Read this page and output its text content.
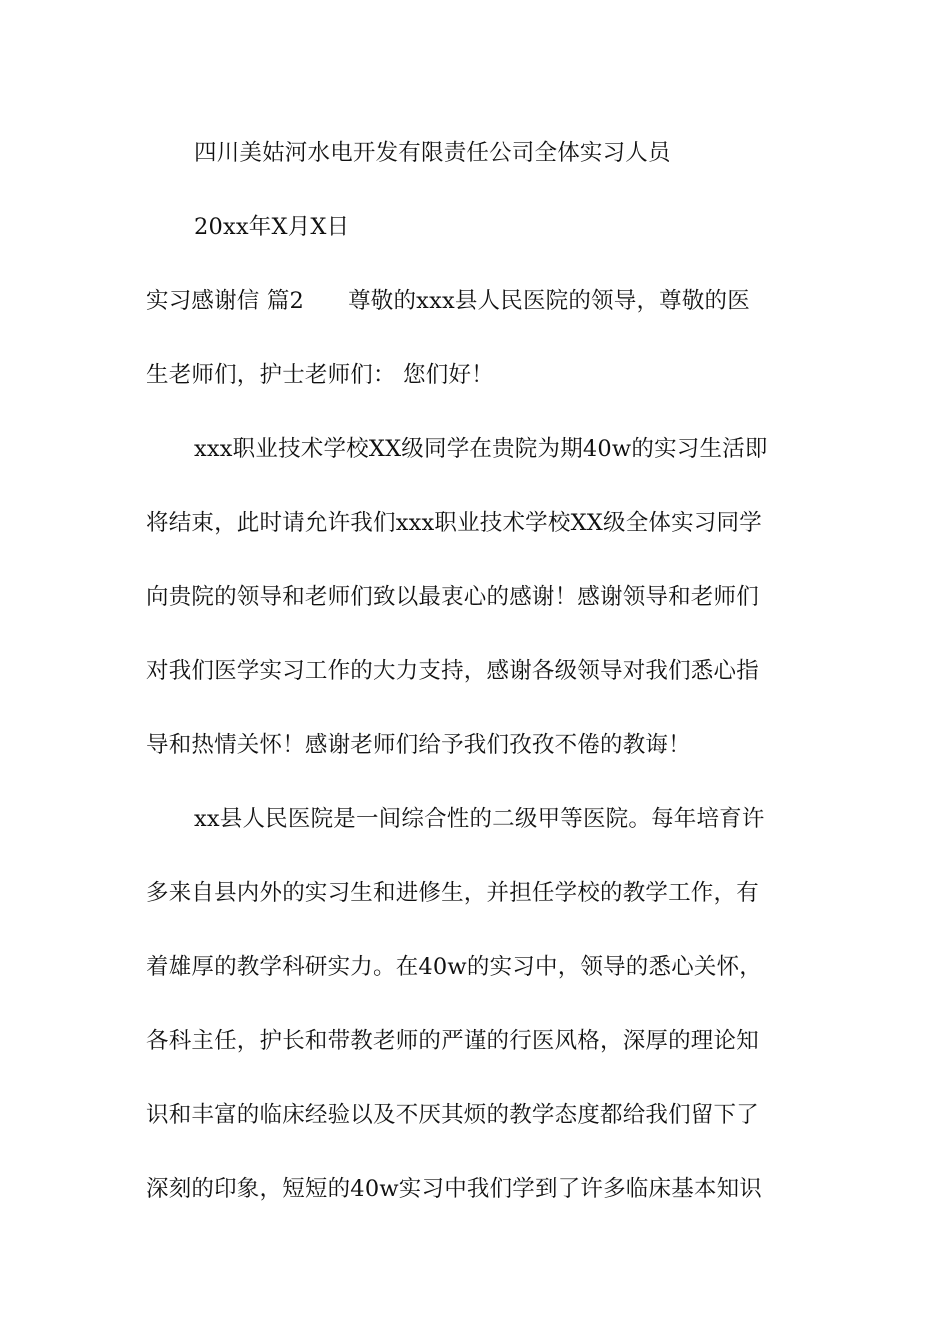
四川美姑河水电开发有限责任公司全体实习人员
20xx年X月X日
实习感谢信 篇2 尊敬的xxx县人民医院的领导，尊敬的医
生老师们，护士老师们： 您们好！
xxx职业技术学校XX级同学在贵院为期40w的实习生活即
将结束，此时请允许我们xxx职业技术学校XX级全体实习同学
向贵院的领导和老师们致以最衷心的感谢！感谢领导和老师们
对我们医学实习工作的大力支持，感谢各级领导对我们悉心指
导和热情关怀！感谢老师们给予我们孜孜不倦的教诲！
xx县人民医院是一间综合性的二级甲等医院。每年培育许
多来自县内外的实习生和进修生，并担任学校的教学工作，有
着雄厚的教学科研实力。在40w的实习中，领导的悉心关怀，
各科主任，护长和带教老师的严谨的行医风格，深厚的理论知
识和丰富的临床经验以及不厌其烦的教学态度都给我们留下了
深刻的印象，短短的40w实习中我们学到了许多临床基本知识
